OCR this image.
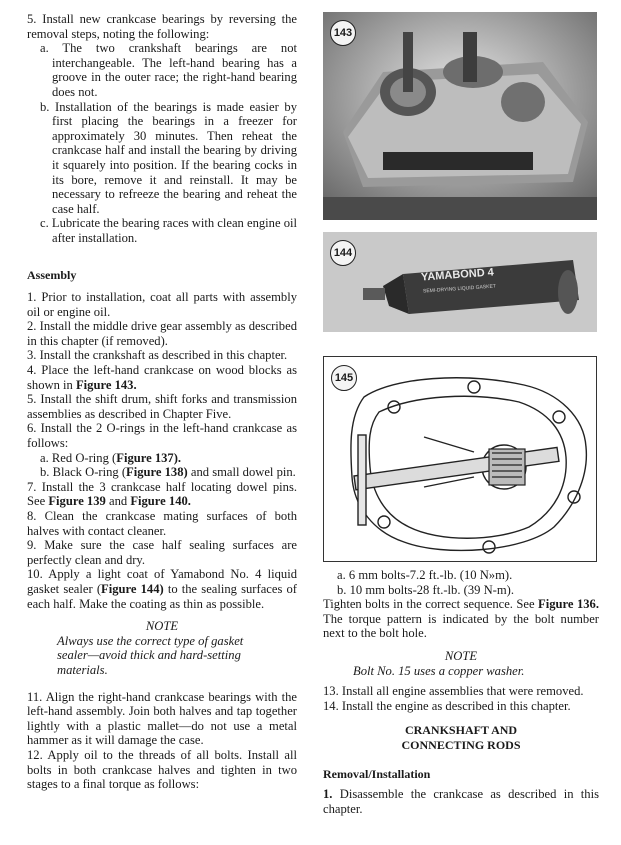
5. Install new crankcase bearings by reversing the removal steps, noting the following:

a. The two crankshaft bearings are not interchangeable. The left-hand bearing has a groove in the outer race; the right-hand bearing does not.

b. Installation of the bearings is made easier by first placing the bearings in a freezer for approximately 30 minutes. Then reheat the crankcase half and install the bearing by driving it squarely into position. If the bearing cocks in its bore, remove it and reinstall. It may be necessary to refreeze the bearing and reheat the case half.

c. Lubricate the bearing races with clean engine oil after installation.

Assembly

1. Prior to installation, coat all parts with assembly oil or engine oil.

2. Install the middle drive gear assembly as described in this chapter (if removed).

3. Install the crankshaft as described in this chapter.

4. Place the left-hand crankcase on wood blocks as shown in Figure 143.

5. Install the shift drum, shift forks and transmission assemblies as described in Chapter Five.

6. Install the 2 O-rings in the left-hand crankcase as follows:

a. Red O-ring (Figure 137).

b. Black O-ring (Figure 138) and small dowel pin.

7. Install the 3 crankcase half locating dowel pins. See Figure 139 and Figure 140.

8. Clean the crankcase mating surfaces of both halves with contact cleaner.

9. Make sure the case half sealing surfaces are perfectly clean and dry.

10. Apply a light coat of Yamabond No. 4 liquid gasket sealer (Figure 144) to the sealing surfaces of each half. Make the coating as thin as possible.

NOTE

Always use the correct type of gasket sealer—avoid thick and hard-setting materials.

11. Align the right-hand crankcase bearings with the left-hand assembly. Join both halves and tap together lightly with a plastic mallet—do not use a metal hammer as it will damage the case.

12. Apply oil to the threads of all bolts. Install all bolts in both crankcase halves and tighten in two stages to a final torque as follows:

143
144
YAMABOND 4
SEMI-DRYING LIQUID GASKET
145

a. 6 mm bolts-7.2 ft.-lb. (10 N»m).

b. 10 mm bolts-28 ft.-lb. (39 N-m).

Tighten bolts in the correct sequence. See Figure 136. The torque pattern is indicated by the bolt number next to the bolt hole.

NOTE

Bolt No. 15 uses a copper washer.

13. Install all engine assemblies that were removed.

14. Install the engine as described in this chapter.

CRANKSHAFT AND

CONNECTING RODS

Removal/Installation

1. Disassemble the crankcase as described in this chapter.
